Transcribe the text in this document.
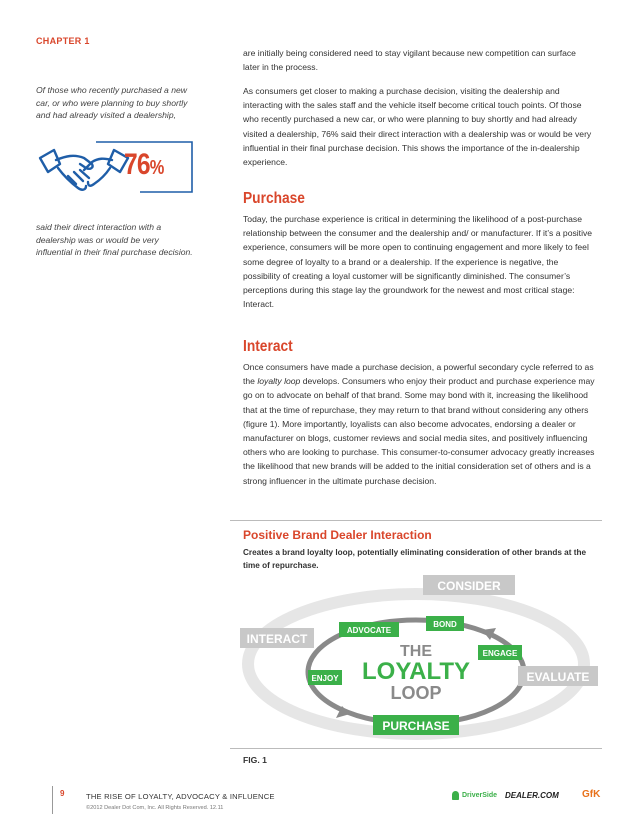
CHAPTER 1
Of those who recently purchased a new car, or who were planning to buy shortly and had already visited a dealership,
76%
said their direct interaction with a dealership was or would be very influential in their final purchase decision.
are initially being considered need to stay vigilant because new competition can surface later in the process.
As consumers get closer to making a purchase decision, visiting the dealership and interacting with the sales staff and the vehicle itself become critical touch points. Of those who recently purchased a new car, or who were planning to buy shortly and had already visited a dealership, 76% said their direct interaction with a dealership was or would be very influential in their final purchase decision. This shows the importance of the in-dealership experience.
Purchase
Today, the purchase experience is critical in determining the likelihood of a post-purchase relationship between the consumer and the dealership and/ or manufacturer. If it’s a positive experience, consumers will be more open to continuing engagement and more likely to feel some degree of loyalty to a brand or a dealership. If the experience is negative, the possibility of creating a loyal customer will be significantly diminished. The consumer’s perceptions during this stage lay the groundwork for the newest and most critical stage: Interact.
Interact
Once consumers have made a purchase decision, a powerful secondary cycle referred to as the loyalty loop develops. Consumers who enjoy their product and purchase experience may go on to advocate on behalf of that brand. Some may bond with it, increasing the likelihood that at the time of repurchase, they may return to that brand without considering any others (figure 1). More importantly, loyalists can also become advocates, endorsing a dealer or manufacturer on blogs, customer reviews and social media sites, and positively influencing others who are looking to purchase. This consumer-to-consumer advocacy greatly increases the likelihood that new brands will be added to the initial consideration set of others and is a strong influencer in the ultimate purchase decision.
Positive Brand Dealer Interaction
Creates a brand loyalty loop, potentially eliminating consideration of other brands at the time of repurchase.
CONSIDER
INTERACT
EVALUATE
PURCHASE
ADVOCATE
BOND
ENGAGE
ENJOY
THE
LOYALTY
LOOP
FIG. 1
9	THE RISE OF LOYALTY, ADVOCACY & INFLUENCE
©2012 Dealer Dot Com, Inc. All Rights Reserved. 12.11
DriverSide DEALER.COM GfK
